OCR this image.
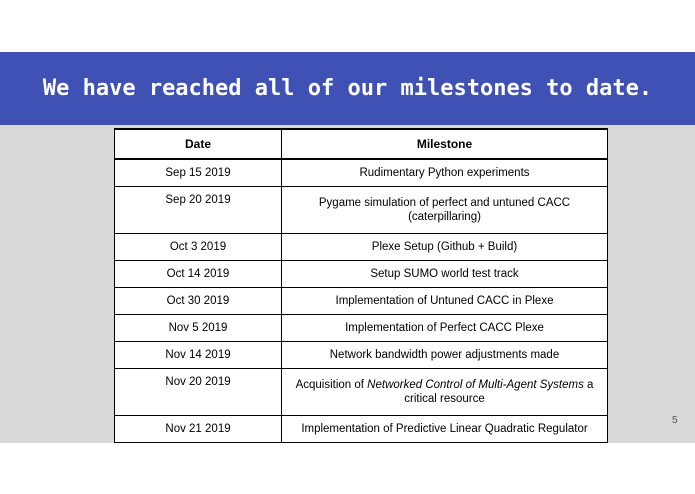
We have reached all of our milestones to date.
Date	Milestone
Sep 15 2019	Rudimentary Python experiments
Sep 20 2019	Pygame simulation of perfect and untuned CACC (caterpillaring)
Oct 3 2019	Plexe Setup (Github + Build)
Oct 14 2019	Setup SUMO world test track
Oct 30 2019	Implementation of Untuned CACC in Plexe
Nov 5 2019	Implementation of Perfect CACC Plexe
Nov 14 2019	Network bandwidth power adjustments made
Nov 20 2019	Acquisition of Networked Control of Multi-Agent Systems a critical resource
Nov 21 2019	Implementation of Predictive Linear Quadratic Regulator
5
